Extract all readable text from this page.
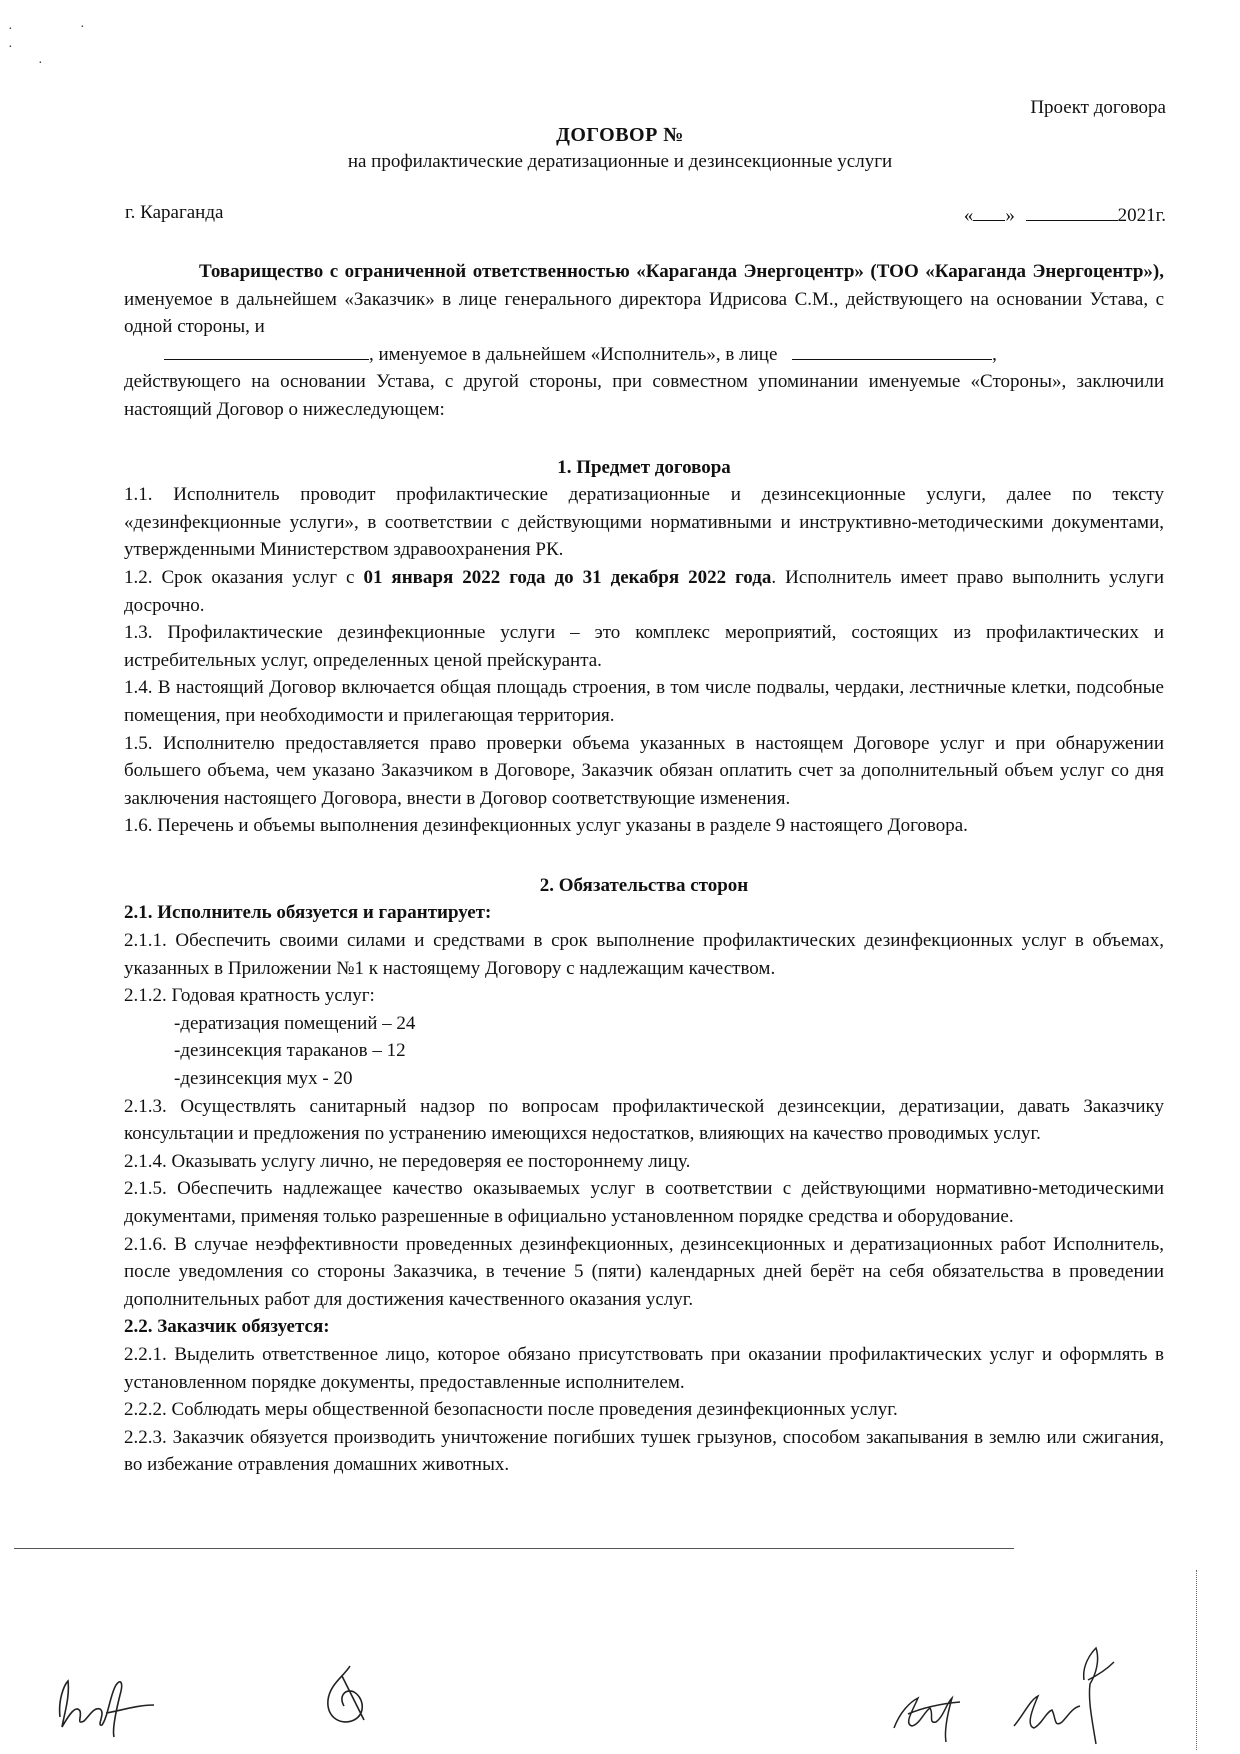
·
·
·
·
Проект договора
ДОГОВОР №
на профилактические дератизационные и дезинсекционные услуги
г. Караганда	« »	2021г.

Товарищество с ограниченной ответственностью «Караганда Энергоцентр» (ТОО «Караганда Энергоцентр»), именуемое в дальнейшем «Заказчик» в лице генерального директора Идрисова С.М., действующего на основании Устава, с одной стороны, и

, именуемое в дальнейшем «Исполнитель», в лице	,

действующего на основании Устава, с другой стороны, при совместном упоминании именуемые «Стороны», заключили настоящий Договор о нижеследующем:

1. Предмет договора

1.1. Исполнитель проводит профилактические дератизационные и дезинсекционные услуги, далее по тексту «дезинфекционные услуги», в соответствии с действующими нормативными и инструктивно-методическими документами, утвержденными Министерством здравоохранения РК.

1.2. Срок оказания услуг с 01 января 2022 года до 31 декабря 2022 года. Исполнитель имеет право выполнить услуги досрочно.

1.3. Профилактические дезинфекционные услуги – это комплекс мероприятий, состоящих из профилактических и истребительных услуг, определенных ценой прейскуранта.

1.4. В настоящий Договор включается общая площадь строения, в том числе подвалы, чердаки, лестничные клетки, подсобные помещения, при необходимости и прилегающая территория.

1.5. Исполнителю предоставляется право проверки объема указанных в настоящем Договоре услуг и при обнаружении большего объема, чем указано Заказчиком в Договоре, Заказчик обязан оплатить счет за дополнительный объем услуг со дня заключения настоящего Договора, внести в Договор соответствующие изменения.

1.6. Перечень и объемы выполнения дезинфекционных услуг указаны в разделе 9 настоящего Договора.

2. Обязательства сторон

2.1. Исполнитель обязуется и гарантирует:

2.1.1. Обеспечить своими силами и средствами в срок выполнение профилактических дезинфекционных услуг в объемах, указанных в Приложении №1 к настоящему Договору с надлежащим качеством.

2.1.2. Годовая кратность услуг:

-дератизация помещений – 24
-дезинсекция тараканов – 12
-дезинсекция мух - 20

2.1.3. Осуществлять санитарный надзор по вопросам профилактической дезинсекции, дератизации, давать Заказчику консультации и предложения по устранению имеющихся недостатков, влияющих на качество проводимых услуг.

2.1.4. Оказывать услугу лично, не передоверяя ее постороннему лицу.

2.1.5. Обеспечить надлежащее качество оказываемых услуг в соответствии с действующими нормативно-методическими документами, применяя только разрешенные в официально установленном порядке средства и оборудование.

2.1.6. В случае неэффективности проведенных дезинфекционных, дезинсекционных и дератизационных работ Исполнитель, после уведомления со стороны Заказчика, в течение 5 (пяти) календарных дней берёт на себя обязательства в проведении дополнительных работ для достижения качественного оказания услуг.

2.2. Заказчик обязуется:

2.2.1. Выделить ответственное лицо, которое обязано присутствовать при оказании профилактических услуг и оформлять в установленном порядке документы, предоставленные исполнителем.

2.2.2. Соблюдать меры общественной безопасности после проведения дезинфекционных услуг.

2.2.3. Заказчик обязуется производить уничтожение погибших тушек грызунов, способом закапывания в землю или сжигания, во избежание отравления домашних животных.
